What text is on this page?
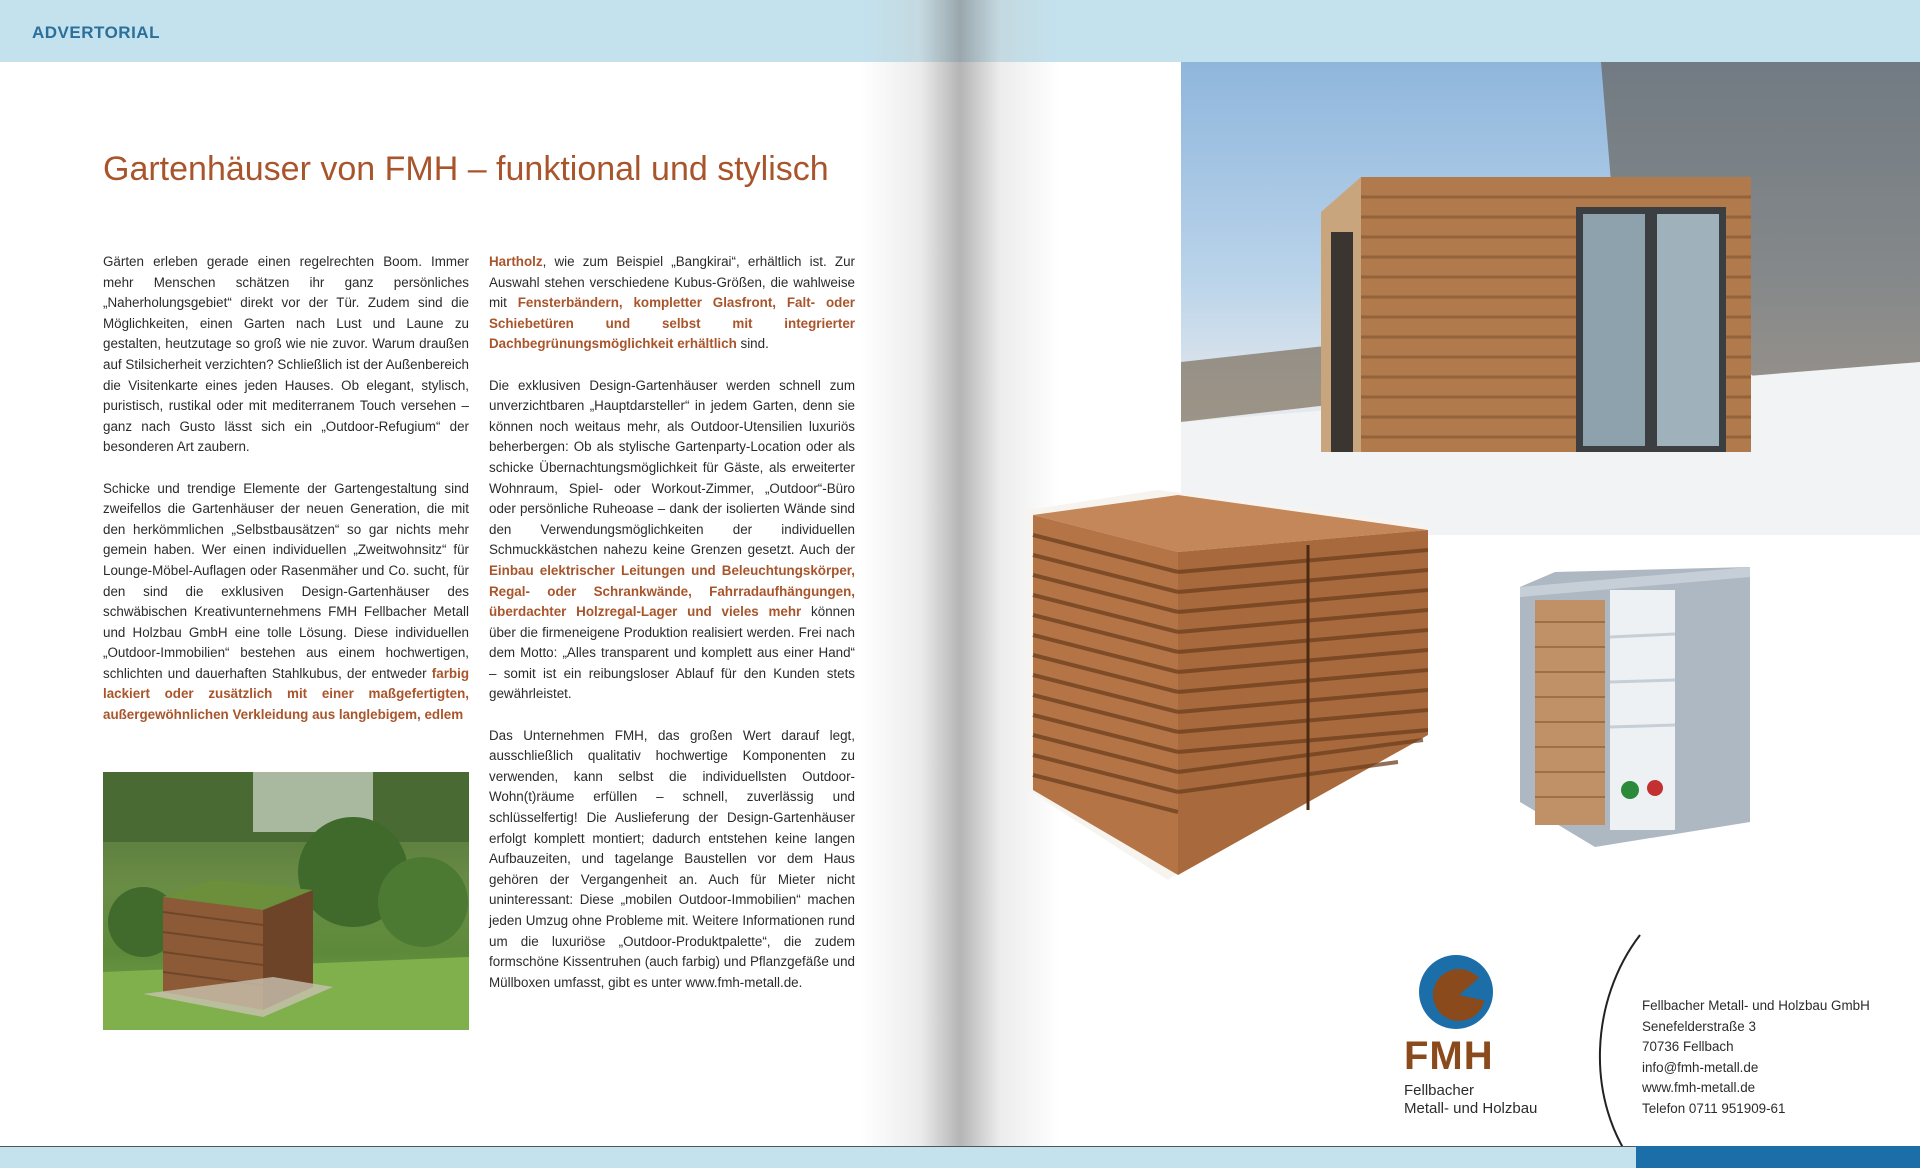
ADVERTORIAL
Gartenhäuser von FMH – funktional und stylisch

Gärten erleben gerade einen regelrechten Boom. Immer mehr Menschen schätzen ihr ganz persönliches „Naherholungsgebiet“ direkt vor der Tür. Zudem sind die Möglichkeiten, einen Garten nach Lust und Laune zu gestalten, heutzutage so groß wie nie zuvor. Warum draußen auf Stilsicherheit verzichten? Schließlich ist der Außenbereich die Visitenkarte eines jeden Hauses. Ob elegant, stylisch, puristisch, rustikal oder mit mediterranem Touch versehen – ganz nach Gusto lässt sich ein „Outdoor-Refugium“ der besonderen Art zaubern.

Schicke und trendige Elemente der Gartengestaltung sind zweifellos die Gartenhäuser der neuen Generation, die mit den herkömmlichen „Selbstbausätzen“ so gar nichts mehr gemein haben. Wer einen individuellen „Zweitwohnsitz“ für Lounge-Möbel-Auflagen oder Rasenmäher und Co. sucht, für den sind die exklusiven Design-Gartenhäuser des schwäbischen Kreativunternehmens FMH Fellbacher Metall und Holzbau GmbH eine tolle Lösung. Diese individuellen „Outdoor-Immobilien“ bestehen aus einem hochwertigen, schlichten und dauerhaften Stahlkubus, der entweder farbig lackiert oder zusätzlich mit einer maßgefertigten, außergewöhnlichen Verkleidung aus langlebigem, edlem

Hartholz, wie zum Beispiel „Bangkirai“, erhältlich ist. Zur Auswahl stehen verschiedene Kubus-Größen, die wahlweise mit Fensterbändern, kompletter Glasfront, Falt- oder Schiebetüren und selbst mit integrierter Dachbegrünungsmöglichkeit erhältlich sind.

Die exklusiven Design-Gartenhäuser werden schnell zum unverzichtbaren „Hauptdarsteller“ in jedem Garten, denn sie können noch weitaus mehr, als Outdoor-Utensilien luxuriös beherbergen: Ob als stylische Gartenparty-Location oder als schicke Übernachtungsmöglichkeit für Gäste, als erweiterter Wohnraum, Spiel- oder Workout-Zimmer, „Outdoor“-Büro oder persönliche Ruheoase – dank der isolierten Wände sind den Verwendungsmöglichkeiten der individuellen Schmuckkästchen nahezu keine Grenzen gesetzt. Auch der Einbau elektrischer Leitungen und Beleuchtungskörper, Regal- oder Schrankwände, Fahrradaufhängungen, überdachter Holzregal-Lager und vieles mehr können über die firmeneigene Produktion realisiert werden. Frei nach dem Motto: „Alles transparent und komplett aus einer Hand“ – somit ist ein reibungsloser Ablauf für den Kunden stets gewährleistet.

Das Unternehmen FMH, das großen Wert darauf legt, ausschließlich qualitativ hochwertige Komponenten zu verwenden, kann selbst die individuellsten Outdoor-Wohn(t)räume erfüllen – schnell, zuverlässig und schlüsselfertig! Die Auslieferung der Design-Gartenhäuser erfolgt komplett montiert; dadurch entstehen keine langen Aufbauzeiten, und tagelange Baustellen vor dem Haus gehören der Vergangenheit an. Auch für Mieter nicht uninteressant: Diese „mobilen Outdoor-Immobilien“ machen jeden Umzug ohne Probleme mit. Weitere Informationen rund um die luxuriöse „Outdoor-Produktpalette“, die zudem formschöne Kissentruhen (auch farbig) und Pflanzgefäße und Müllboxen umfasst, gibt es unter www.fmh-metall.de.

FMH
Fellbacher
Metall- und Holzbau
Fellbacher Metall- und Holzbau GmbH
Senefelderstraße 3
70736 Fellbach
info@fmh-metall.de
www.fmh-metall.de
Telefon 0711 951909-61
